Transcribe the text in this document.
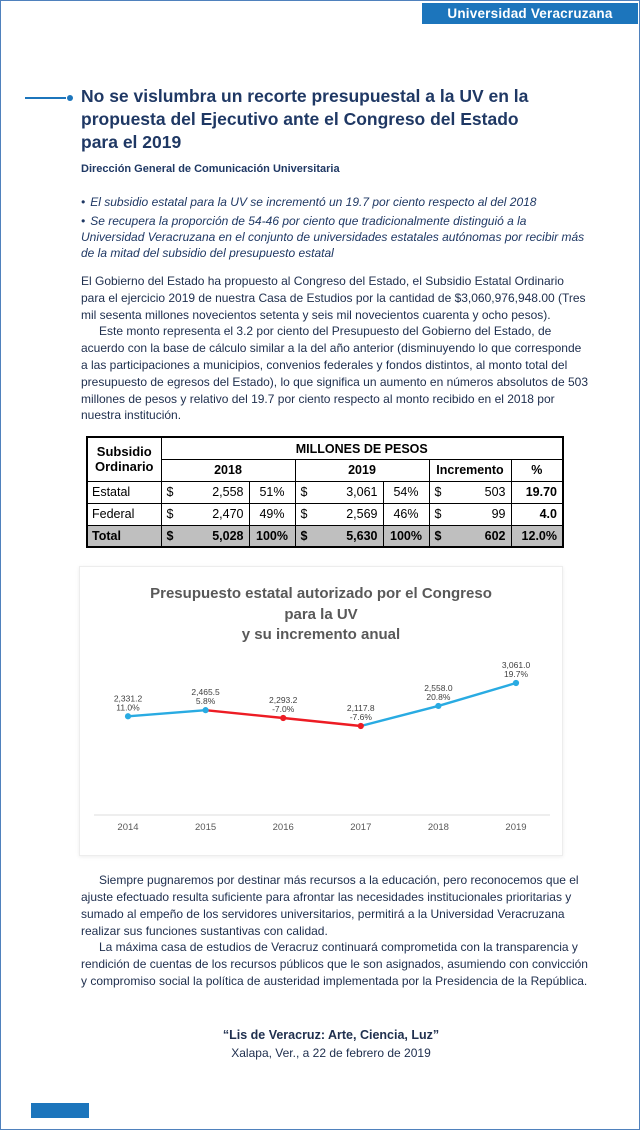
Universidad Veracruzana
No se vislumbra un recorte presupuestal a la UV en la propuesta del Ejecutivo ante el Congreso del Estado para el 2019
Dirección General de Comunicación Universitaria

• El subsidio estatal para la UV se incrementó un 19.7 por ciento respecto al del 2018

• Se recupera la proporción de 54-46 por ciento que tradicionalmente distinguió a la Universidad Veracruzana en el conjunto de universidades estatales autónomas por recibir más de la mitad del subsidio del presupuesto estatal

El Gobierno del Estado ha propuesto al Congreso del Estado, el Subsidio Estatal Ordinario para el ejercicio 2019 de nuestra Casa de Estudios por la cantidad de $3,060,976,948.00 (Tres mil sesenta millones novecientos setenta y seis mil novecientos cuarenta y ocho pesos).

Este monto representa el 3.2 por ciento del Presupuesto del Gobierno del Estado, de acuerdo con la base de cálculo similar a la del año anterior (disminuyendo lo que corresponde a las participaciones a municipios, convenios federales y fondos distintos, al monto total del presupuesto de egresos del Estado), lo que significa un aumento en números absolutos de 503 millones de pesos y relativo del 19.7 por ciento respecto al monto recibido en el 2018 por nuestra institución.

Subsidio Ordinario	MILLONES DE PESOS					
	2018		2019		Incremento	%
Estatal	$ 2,558	51%	$ 3,061	54%	$ 503	19.70
Federal	$ 2,470	49%	$ 2,569	46%	$ 99	4.0
Total	$ 5,028	100%	$ 5,630	100%	$ 602	12.0%
Presupuesto estatal autorizado por el Congreso
para la UV
y su incremento anual
2,331.2
11.0%
2014
2,465.5
5.8%
2015
2,293.2
-7.0%
2016
2,117.8
-7.6%
2017
2,558.0
20.8%
2018
3,061.0
19.7%
2019

Siempre pugnaremos por destinar más recursos a la educación, pero reconocemos que el ajuste efectuado resulta suficiente para afrontar las necesidades institucionales prioritarias y sumado al empeño de los servidores universitarios, permitirá a la Universidad Veracruzana realizar sus funciones sustantivas con calidad.

La máxima casa de estudios de Veracruz continuará comprometida con la transparencia y rendición de cuentas de los recursos públicos que le son asignados, asumiendo con convicción y compromiso social la política de austeridad implementada por la Presidencia de la República.

“Lis de Veracruz: Arte, Ciencia, Luz”
Xalapa, Ver., a 22 de febrero de 2019
